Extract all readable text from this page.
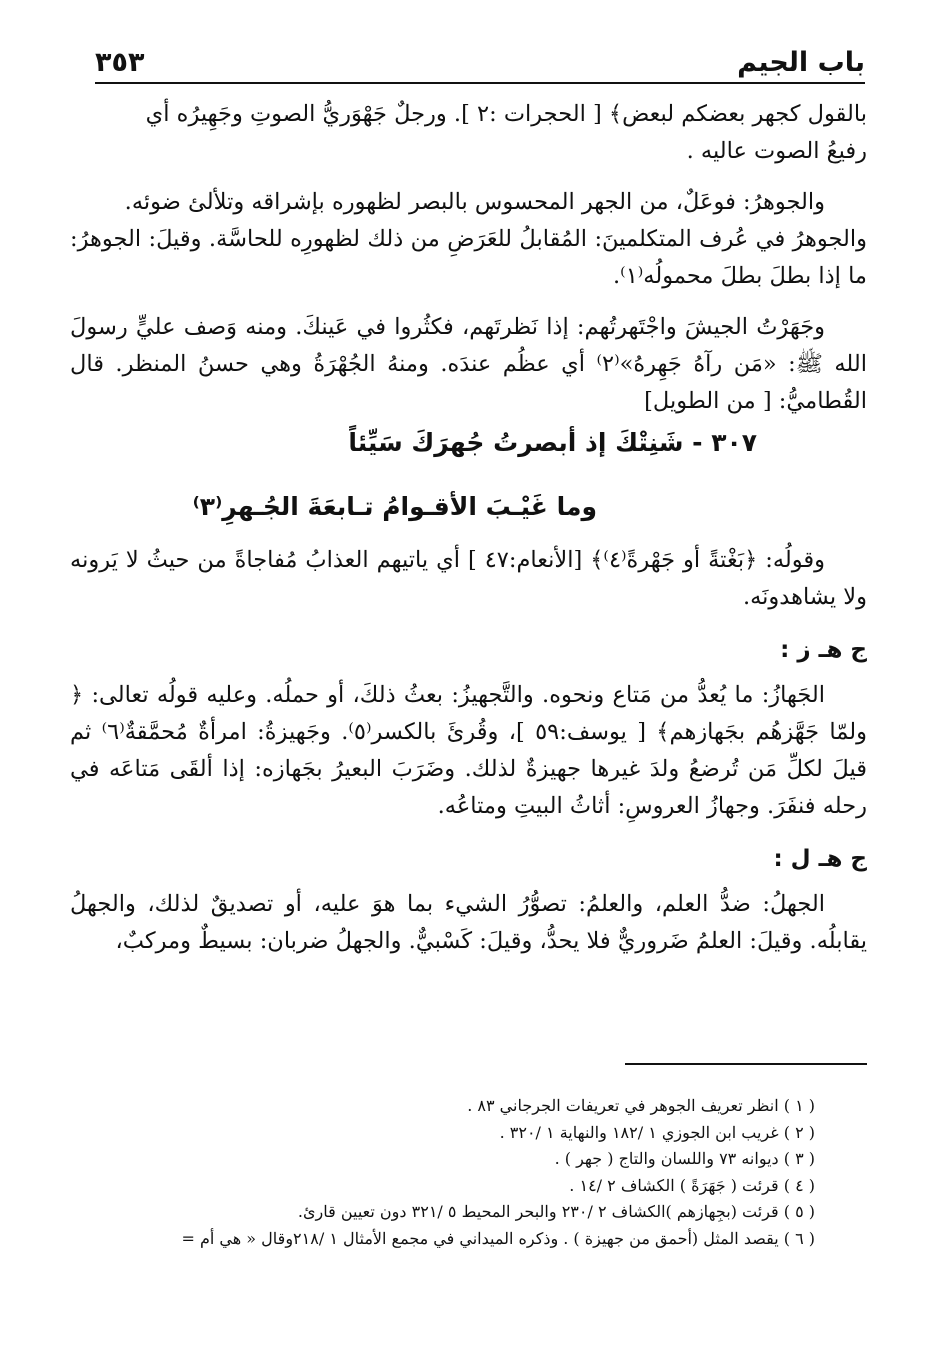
باب الجيم
٣٥٣

بالقول كجهر بعضكم لبعض﴾ [ الحجرات :٢ ]. ورجلٌ جَهْوَريُّ الصوتِ وجَهِيرُه أي

رفيعُ الصوت عاليه .

والجوهرُ: فوعَلٌ، من الجهر المحسوس بالبصر لظهوره بإشراقه وتلألئ ضوئه.

والجوهرُ في عُرف المتكلمينَ: المُقابلُ للعَرَضِ من ذلك لظهورِه للحاسَّة. وقيلَ: الجوهرُ: ما إذا بطلَ بطلَ محمولُه⁽١⁾.

وجَهَرْتُ الجيشَ واجْتَهرتُهم: إذا نَظرتَهم، فكثُروا في عَينكَ. ومنه وَصف عليٍّ رسولَ الله ﷺ: «مَن رآهُ جَهِرهُ»⁽٢⁾ أي عظُم عندَه. ومنهُ الجُهْرَةُ وهي حسنُ المنظر. قال القُطاميُّ: [ من الطويل]

٣٠٧ - شَنِتْكَ إذ أبصرتُ جُهرَكَ سَيِّئاً

وما غَيْـبَ الأقـوامُ تـابعَةَ الجُـهرِ⁽٣⁾

وقولُه: ﴿بَغْتةً أو جَهْرةً⁽٤⁾﴾ [الأنعام:٤٧ ] أي ياتيهم العذابُ مُفاجاةً من حيثُ لا يَرونه ولا يشاهدونَه.

ج هـ ز :

الجَهازُ: ما يُعدُّ من مَتاع ونحوه. والتَّجهيزُ: بعثُ ذلكَ، أو حملُه. وعليه قولُه تعالى: ﴿ ولمّا جَهَّزهُم بجَهازهم﴾ [ يوسف:٥٩ ]، وقُرئَ بالكسر⁽٥⁾. وجَهيزةُ: امرأةٌ مُحمَّقةٌ⁽٦⁾ ثم قيلَ لكلِّ مَن تُرضعُ ولدَ غيرها جهيزةٌ لذلك. وضَرَبَ البعيرُ بجَهازه: إذا ألقَى مَتاعَه في رحله فنفَرَ. وجهازُ العروسِ: أثاثُ البيتِ ومتاعُه.

ج هـ ل :

الجهلُ: ضدُّ العلم، والعلمُ: تصوُّرُ الشيء بما هوَ عليه، أو تصديقٌ لذلك، والجهلُ يقابلُه. وقيلَ: العلمُ ضَروريٌّ فلا يحدُّ، وقيلَ: كَسْبيٌّ. والجهلُ ضربان: بسيطٌ ومركبٌ،

( ١ ) انظر تعريف الجوهر في تعريفات الجرجاني ٨٣ .
( ٢ ) غريب ابن الجوزي ١ /١٨٢ والنهاية ١ /٣٢٠ .
( ٣ ) ديوانه ٧٣ واللسان والتاج ( جهر ) .
( ٤ ) قرئت ( جَهَرَةً ) الكشاف ٢ /١٤ .
( ٥ ) قرئت (بجِهازهم )الكشاف ٢ /٢٣٠ والبحر المحيط ٥ /٣٢١ دون تعيين قارئ.
( ٦ ) يقصد المثل (أحمق من جهيزة ) . وذكره الميداني في مجمع الأمثال ١ /٢١٨وقال « هي أم =
